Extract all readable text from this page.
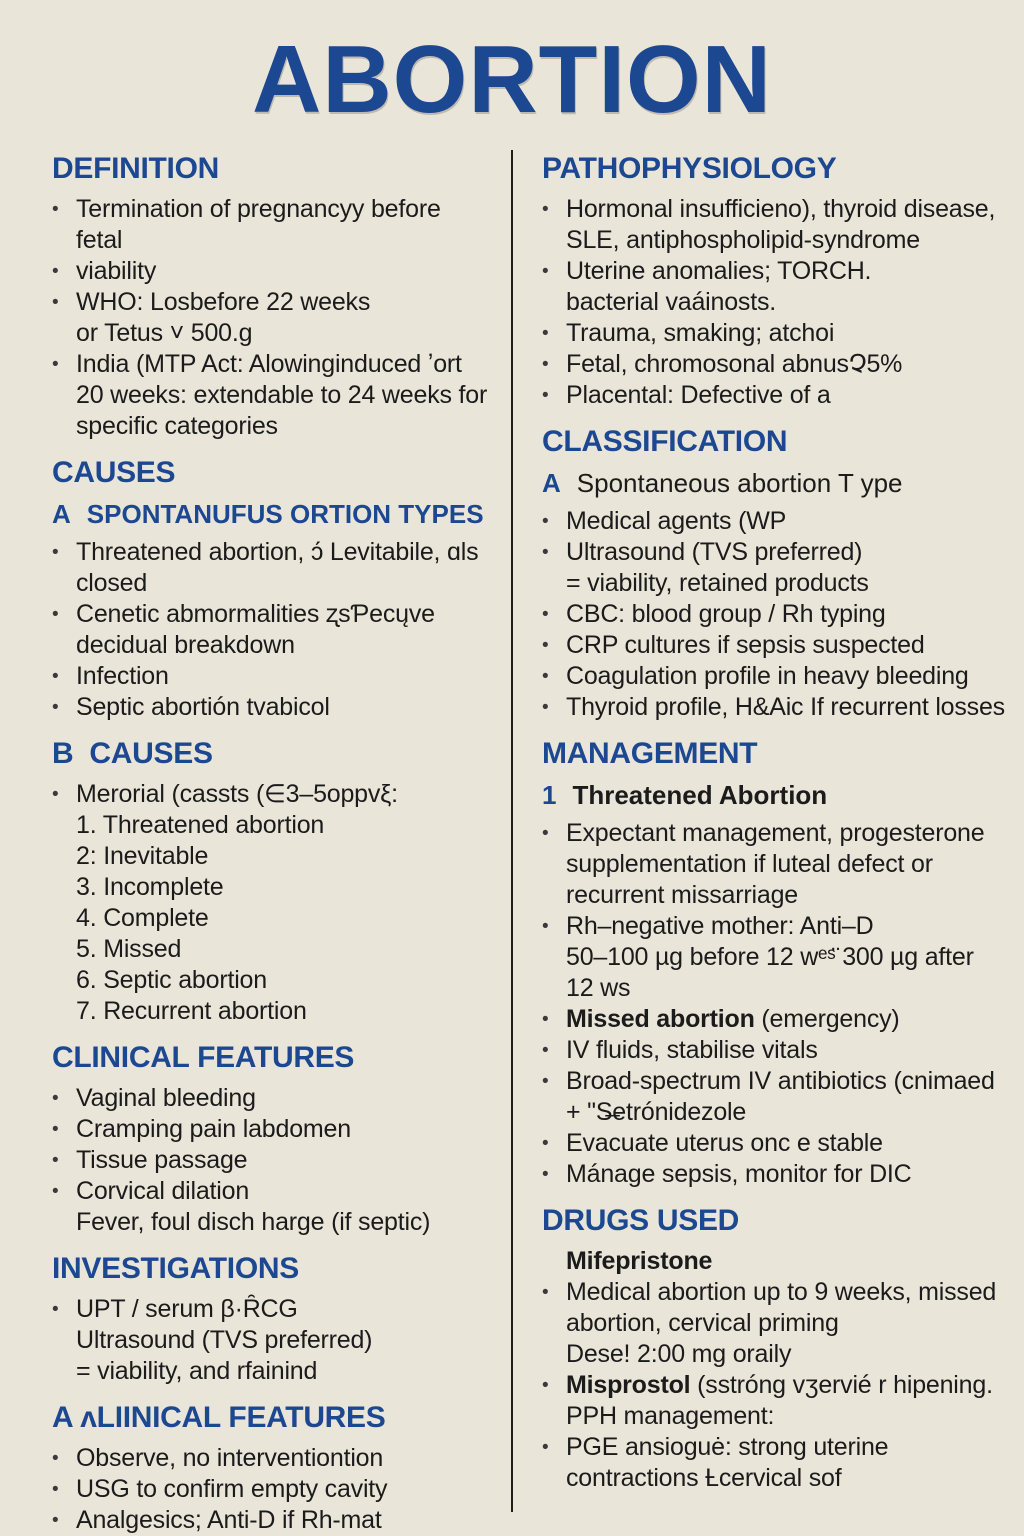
ABORTION
DEFINITION
• Termination of pregnancyy before fetal
• viability
• WHO: Losbefore 22 weeks
or Tetus ˅ 500.g
• India (MTP Act: Alowinginduced ʼort
20 weeks: extendable to 24 weeks for
specific categories
CAUSES
A SPONTANUFUS ORTION TYPES
• Threatened abortion, ɔ́ Levitabile, ɑls
closed
• Cenetic abmormalities ʐsƤecųve
decidual breakdown
• Infection
• Septic abortión tvabicol
B  CAUSES
• Merorial (cassts (∈3–5oppvξ:
1. Threatened abortion
2: Inevitable
3. Incomplete
4. Complete
5. Missed
6. Septic abortion
7. Recurrent abortion
CLINICAL FEATURES
• Vaginal bleeding
• Cramping pain labdomen
• Tissue passage
• Corvical dilation
Fever, foul disch harge (if septic)
INVESTIGATIONS
• UPT / serum β·ȒCG
Ultrasound (TVS preferred)
= viability, and rfainind
A ʌLIINICAL FEATURES
• Observe, no interventiontion
• USG to confirm empty cavity
• Analgesics; Anti-D if Rh-mat
PATHOPHYSIOLOGY
• Hormonal insufficieno), thyroid disease,
SLE, antiphospholipid-syndrome
• Uterine anomalies; TORCH.
bacterial vaáinosts.
• Trauma, smaking; atchoi
• Fetal, chromosonal abnusՉ5%
• Placental: Defective of a
CLASSIFICATION
A Spontaneous abortion T ype
• Medical agents (WP
• Ultrasound (TVS preferred)
= viability, retained products
• CBC: blood group / Rh typing
• CRP cultures if sepsis suspected
• Coagulation profile in heavy bleeding
• Thyroid profile, H&Aic If recurrent losses
MANAGEMENT
1 Threatened Abortion
• Expectant management, progesterone
supplementation if luteal defect or
recurrent missarriage
• Rh–negative mother: Anti–D
50–100 µg before 12 wᵉˢ̈ 300 µg after 12 ws
• Missed abortion (emergency)
• IV fluids, stabilise vitals
• Broad-spectrum IV antibiotics (cnimaed
+ "S̶etrónidezole
• Evacuate uterus onc e stable
• Mánage sepsis, monitor for DIC
DRUGS USED
Mifepristone
• Medical abortion up to 9 weeks, missed
abortion, cervical priming
Dese! 2:00 mg oraily
• Misprostol (sstróng vʒervié r hipening.
PPH management:
• PGE ansioguė: strong uterine
contractions Ƚcervical sof
